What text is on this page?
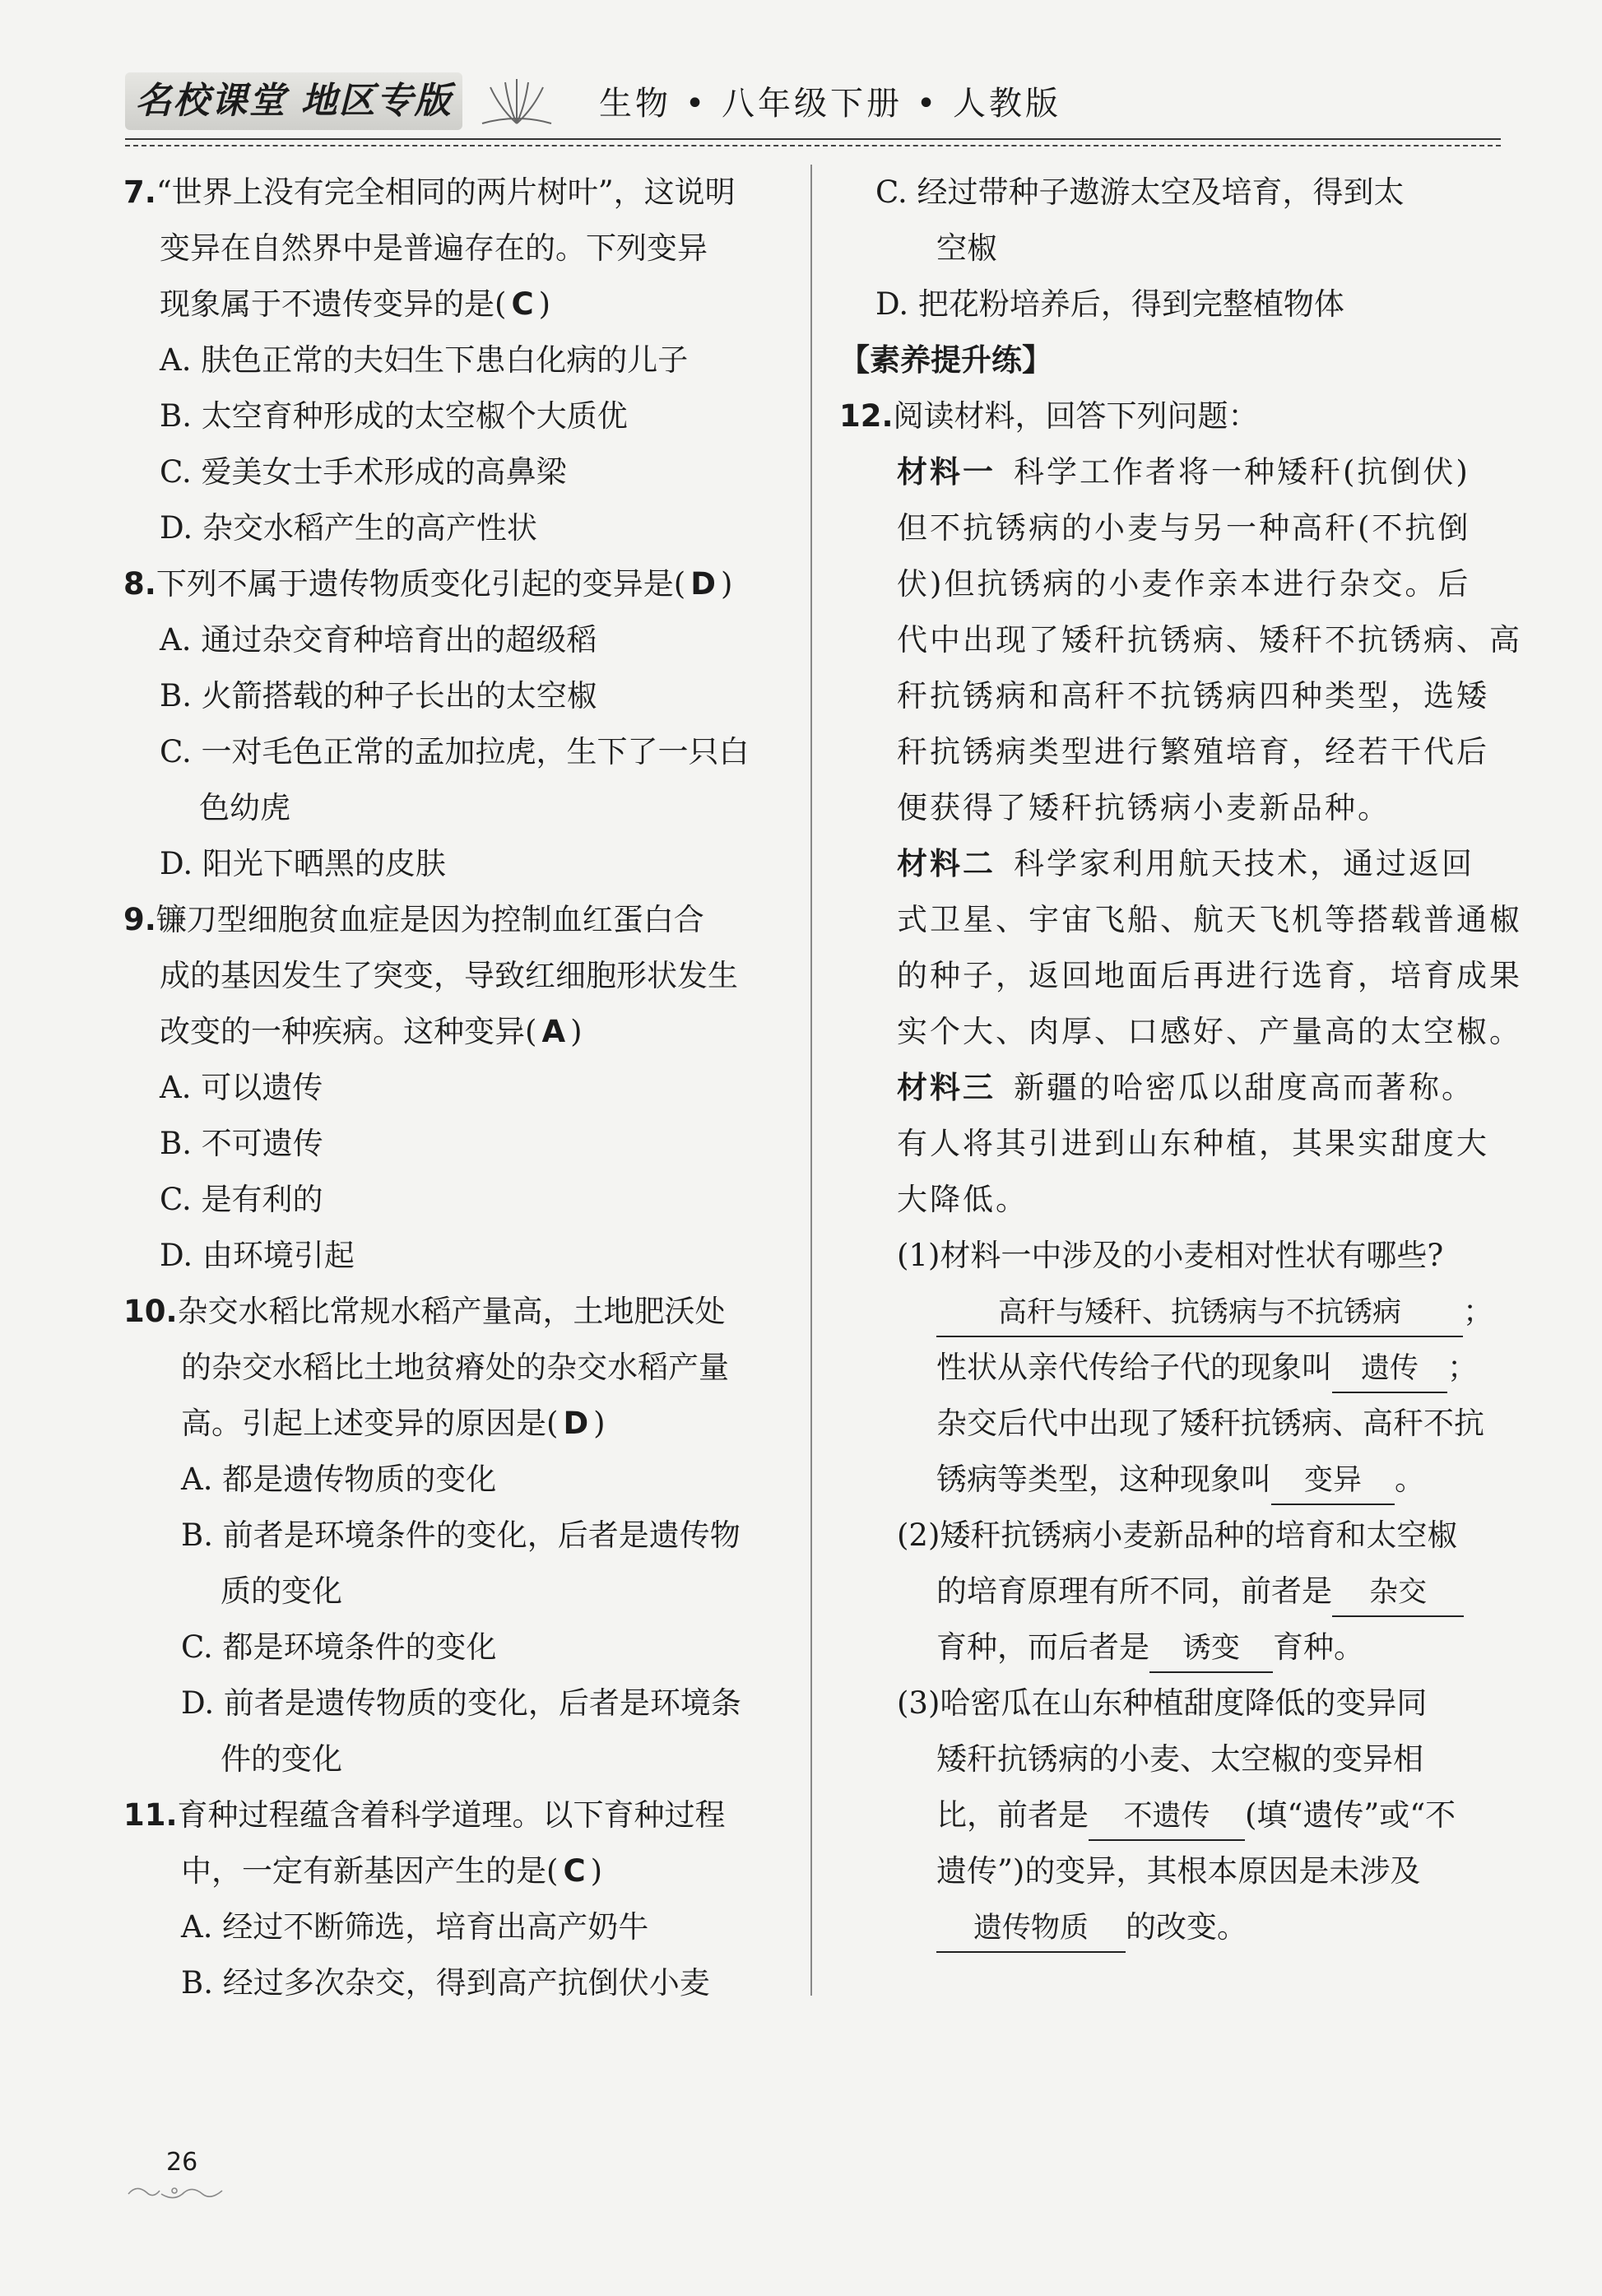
名校课堂 地区专版	生物 • 八年级下册 • 人教版
7.“世界上没有完全相同的两片树叶”，这说明
变异在自然界中是普遍存在的。下列变异
现象属于不遗传变异的是( C )
A. 肤色正常的夫妇生下患白化病的儿子
B. 太空育种形成的太空椒个大质优
C. 爱美女士手术形成的高鼻梁
D. 杂交水稻产生的高产性状
8.下列不属于遗传物质变化引起的变异是( D )
A. 通过杂交育种培育出的超级稻
B. 火箭搭载的种子长出的太空椒
C. 一对毛色正常的孟加拉虎，生下了一只白
色幼虎
D. 阳光下晒黑的皮肤
9.镰刀型细胞贫血症是因为控制血红蛋白合
成的基因发生了突变，导致红细胞形状发生
改变的一种疾病。这种变异( A )
A. 可以遗传
B. 不可遗传
C. 是有利的
D. 由环境引起
10.杂交水稻比常规水稻产量高，土地肥沃处
的杂交水稻比土地贫瘠处的杂交水稻产量
高。引起上述变异的原因是( D )
A. 都是遗传物质的变化
B. 前者是环境条件的变化，后者是遗传物
质的变化
C. 都是环境条件的变化
D. 前者是遗传物质的变化，后者是环境条
件的变化
11.育种过程蕴含着科学道理。以下育种过程
中，一定有新基因产生的是( C )
A. 经过不断筛选，培育出高产奶牛
B. 经过多次杂交，得到高产抗倒伏小麦
C. 经过带种子遨游太空及培育，得到太
空椒
D. 把花粉培养后，得到完整植物体
【素养提升练】
12.阅读材料，回答下列问题：
材料一 科学工作者将一种矮秆(抗倒伏)
但不抗锈病的小麦与另一种高秆(不抗倒
伏)但抗锈病的小麦作亲本进行杂交。后
代中出现了矮秆抗锈病、矮秆不抗锈病、高
秆抗锈病和高秆不抗锈病四种类型，选矮
秆抗锈病类型进行繁殖培育，经若干代后
便获得了矮秆抗锈病小麦新品种。
材料二 科学家利用航天技术，通过返回
式卫星、宇宙飞船、航天飞机等搭载普通椒
的种子，返回地面后再进行选育，培育成果
实个大、肉厚、口感好、产量高的太空椒。
材料三 新疆的哈密瓜以甜度高而著称。
有人将其引进到山东种植，其果实甜度大
大降低。
(1)材料一中涉及的小麦相对性状有哪些?
高秆与矮秆、抗锈病与不抗锈病 ；
性状从亲代传给子代的现象叫 遗传 ；
杂交后代中出现了矮秆抗锈病、高秆不抗
锈病等类型，这种现象叫 变异 。
(2)矮秆抗锈病小麦新品种的培育和太空椒
的培育原理有所不同，前者是 杂交
育种，而后者是 诱变 育种。
(3)哈密瓜在山东种植甜度降低的变异同
矮秆抗锈病的小麦、太空椒的变异相
比，前者是 不遗传 (填“遗传”或“不
遗传”)的变异，其根本原因是未涉及
遗传物质 的改变。
26
